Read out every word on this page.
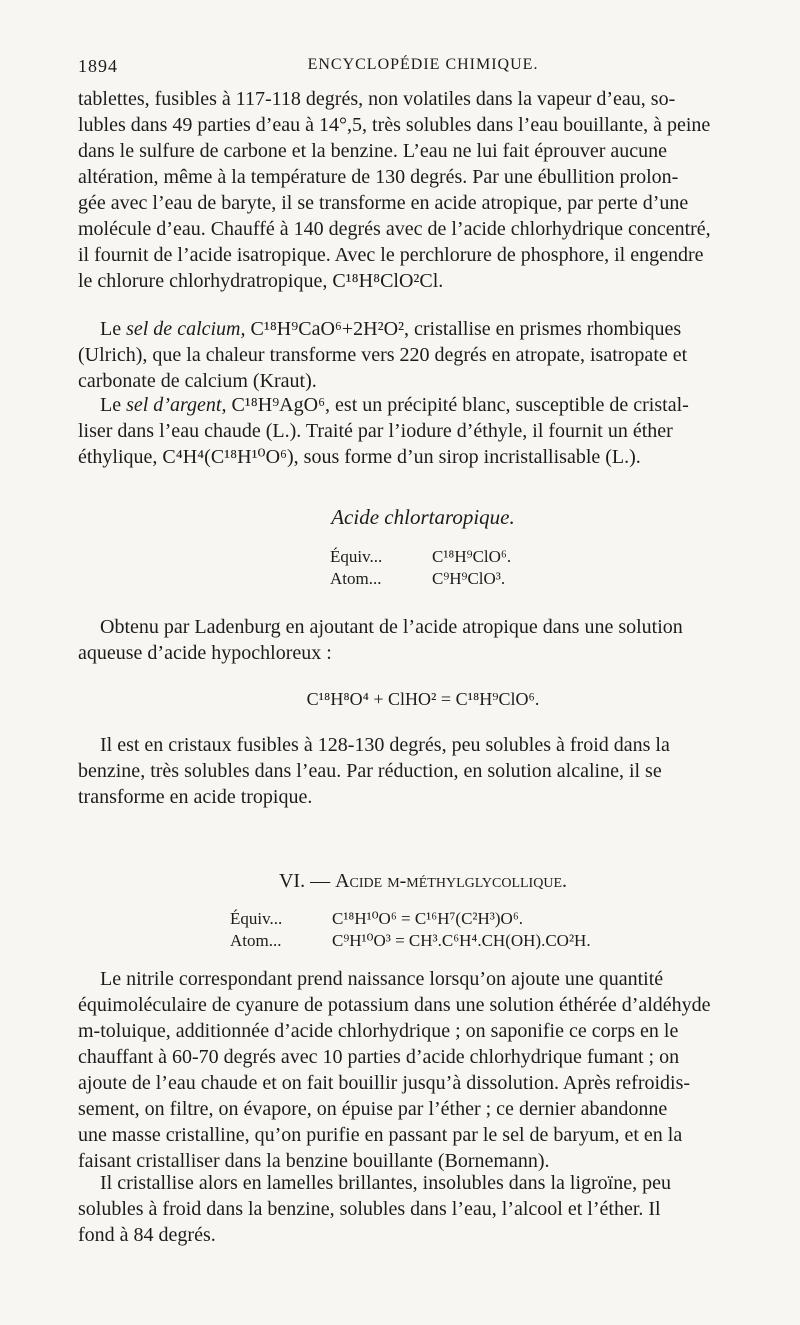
1894	ENCYCLOPÉDIE CHIMIQUE.
tablettes, fusibles à 117-118 degrés, non volatiles dans la vapeur d’eau, so-
lubles dans 49 parties d’eau à 14°,5, très solubles dans l’eau bouillante, à peine
dans le sulfure de carbone et la benzine. L’eau ne lui fait éprouver aucune
altération, même à la température de 130 degrés. Par une ébullition prolon-
gée avec l’eau de baryte, il se transforme en acide atropique, par perte d’une
molécule d’eau. Chauffé à 140 degrés avec de l’acide chlorhydrique concentré,
il fournit de l’acide isatropique. Avec le perchlorure de phosphore, il engendre
le chlorure chlorhydratropique, C¹⁸H⁸ClO²Cl.
Le sel de calcium, C¹⁸H⁹CaO⁶+2H²O², cristallise en prismes rhombiques
(Ulrich), que la chaleur transforme vers 220 degrés en atropate, isatropate et
carbonate de calcium (Kraut).
Le sel d’argent, C¹⁸H⁹AgO⁶, est un précipité blanc, susceptible de cristal-
liser dans l’eau chaude (L.). Traité par l’iodure d’éthyle, il fournit un éther
éthylique, C⁴H⁴(C¹⁸H¹⁰O⁶), sous forme d’un sirop incristallisable (L.).
Acide chlortaropique.
Équiv...	C¹⁸H⁹ClO⁶.
Atom...	C⁹H⁹ClO³.
Obtenu par Ladenburg en ajoutant de l’acide atropique dans une solution
aqueuse d’acide hypochloreux :
C¹⁸H⁸O⁴ + ClHO² = C¹⁸H⁹ClO⁶.
Il est en cristaux fusibles à 128-130 degrés, peu solubles à froid dans la
benzine, très solubles dans l’eau. Par réduction, en solution alcaline, il se
transforme en acide tropique.
VI. — Acide m-méthylglycollique.
Équiv...	C¹⁸H¹⁰O⁶ = C¹⁶H⁷(C²H³)O⁶.
Atom...	C⁹H¹⁰O³ = CH³.C⁶H⁴.CH(OH).CO²H.
Le nitrile correspondant prend naissance lorsqu’on ajoute une quantité
équimoléculaire de cyanure de potassium dans une solution éthérée d’aldéhyde
m-toluique, additionnée d’acide chlorhydrique ; on saponifie ce corps en le
chauffant à 60-70 degrés avec 10 parties d’acide chlorhydrique fumant ; on
ajoute de l’eau chaude et on fait bouillir jusqu’à dissolution. Après refroidis-
sement, on filtre, on évapore, on épuise par l’éther ; ce dernier abandonne
une masse cristalline, qu’on purifie en passant par le sel de baryum, et en la
faisant cristalliser dans la benzine bouillante (Bornemann).
Il cristallise alors en lamelles brillantes, insolubles dans la ligroïne, peu
solubles à froid dans la benzine, solubles dans l’eau, l’alcool et l’éther. Il
fond à 84 degrés.
